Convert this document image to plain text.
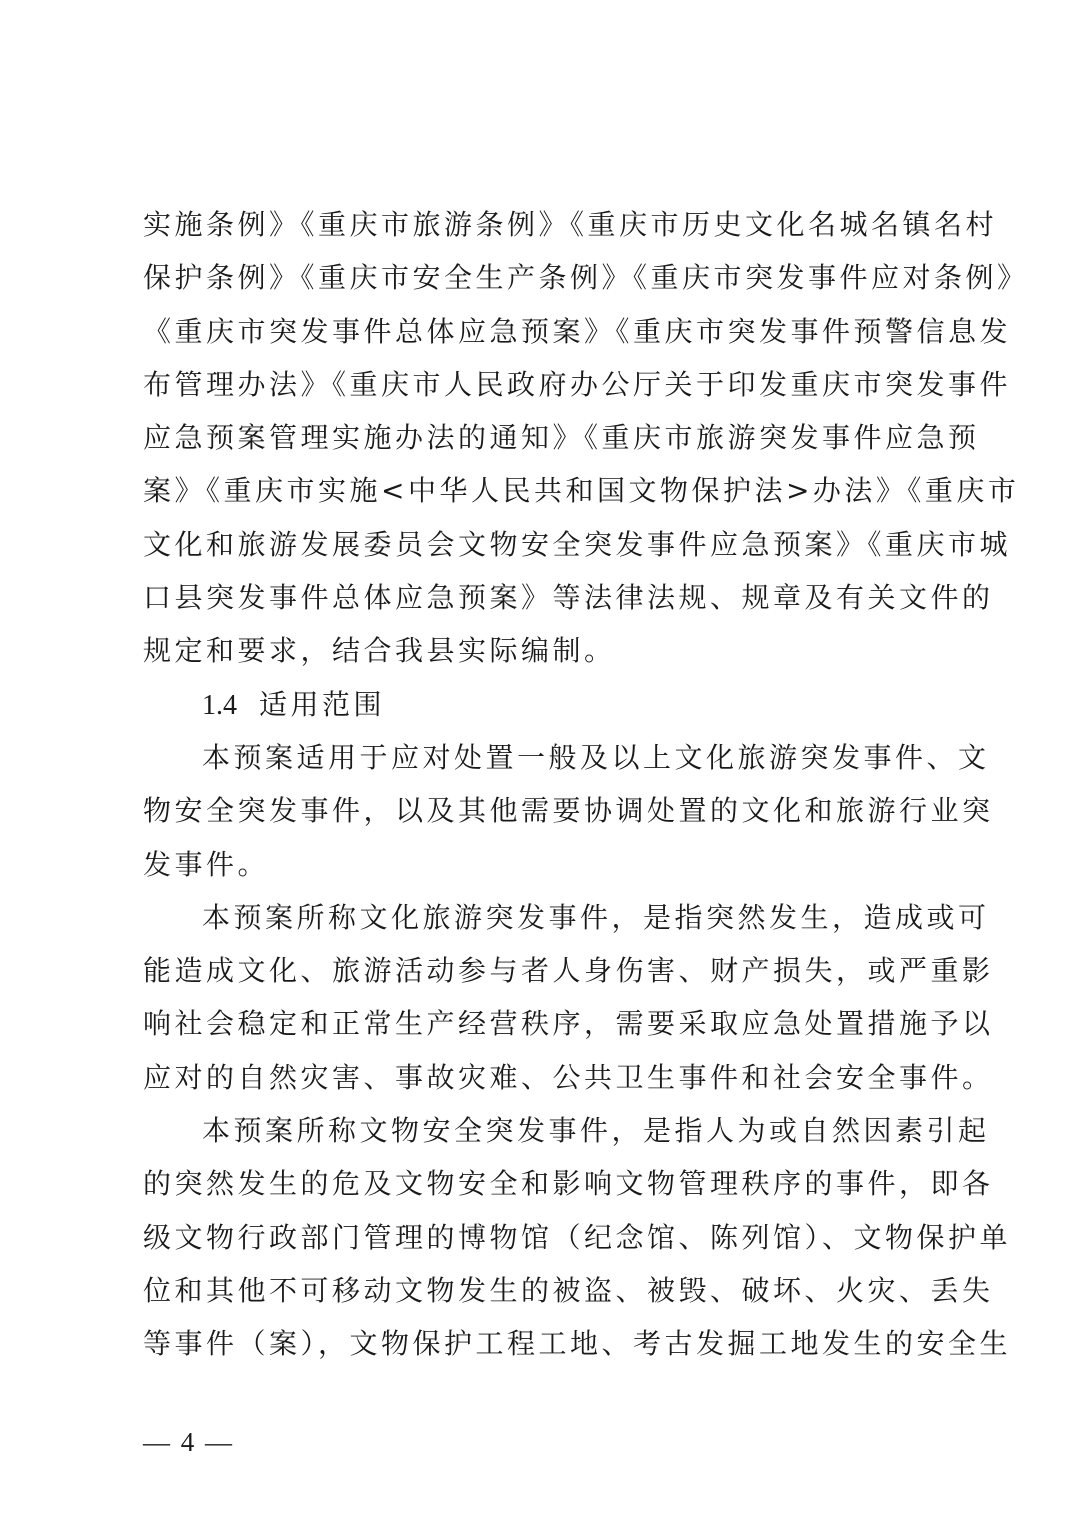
实施条例》《重庆市旅游条例》《重庆市历史文化名城名镇名村
保护条例》《重庆市安全生产条例》《重庆市突发事件应对条例》
《重庆市突发事件总体应急预案》《重庆市突发事件预警信息发
布管理办法》《重庆市人民政府办公厅关于印发重庆市突发事件
应急预案管理实施办法的通知》《重庆市旅游突发事件应急预
案》《重庆市实施<中华人民共和国文物保护法>办法》《重庆市
文化和旅游发展委员会文物安全突发事件应急预案》《重庆市城
口县突发事件总体应急预案》等法律法规、规章及有关文件的
规定和要求，结合我县实际编制。
1.4 适用范围
本预案适用于应对处置一般及以上文化旅游突发事件、文
物安全突发事件，以及其他需要协调处置的文化和旅游行业突
发事件。
本预案所称文化旅游突发事件，是指突然发生，造成或可
能造成文化、旅游活动参与者人身伤害、财产损失，或严重影
响社会稳定和正常生产经营秩序，需要采取应急处置措施予以
应对的自然灾害、事故灾难、公共卫生事件和社会安全事件。
本预案所称文物安全突发事件，是指人为或自然因素引起
的突然发生的危及文物安全和影响文物管理秩序的事件，即各
级文物行政部门管理的博物馆（纪念馆、陈列馆）、文物保护单
位和其他不可移动文物发生的被盗、被毁、破坏、火灾、丢失
等事件（案），文物保护工程工地、考古发掘工地发生的安全生
— 4 —
